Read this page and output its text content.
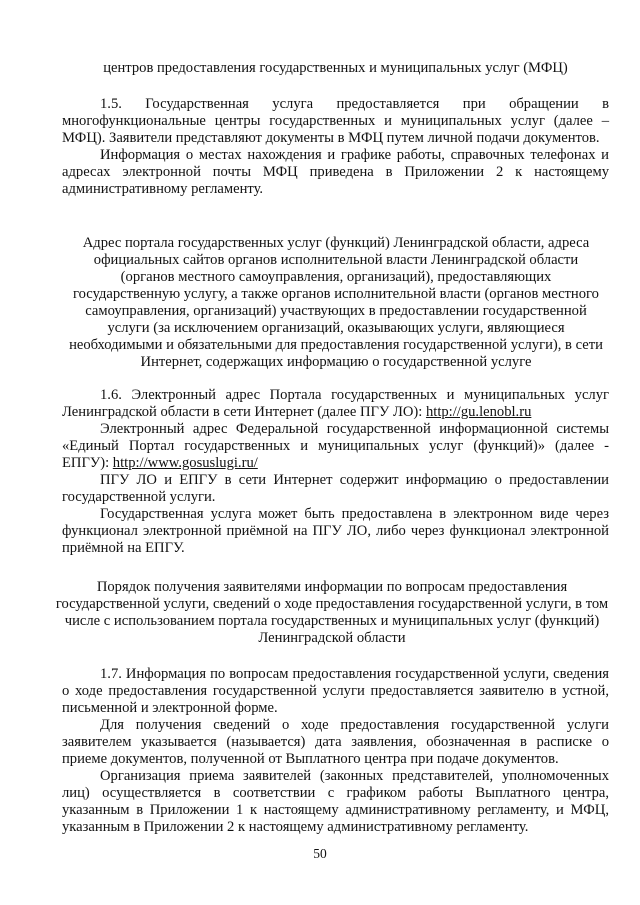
центров предоставления государственных и муниципальных услуг (МФЦ)

1.5. Государственная услуга предоставляется при обращении в многофункциональные центры государственных и муниципальных услуг (далее – МФЦ). Заявители представляют документы в МФЦ путем личной подачи документов.

Информация о местах нахождения и графике работы, справочных телефонах и адресах электронной почты МФЦ приведена в Приложении 2 к настоящему административному регламенту.

Адрес портала государственных услуг (функций) Ленинградской области, адреса официальных сайтов органов исполнительной власти Ленинградской области (органов местного самоуправления, организаций), предоставляющих государственную услугу, а также органов исполнительной власти (органов местного самоуправления, организаций) участвующих в предоставлении государственной услуги (за исключением организаций, оказывающих услуги, являющиеся необходимыми и обязательными для предоставления государственной услуги), в сети Интернет, содержащих информацию о государственной услуге

1.6. Электронный адрес Портала государственных и муниципальных услуг Ленинградской области в сети Интернет (далее ПГУ ЛО): http://gu.lenobl.ru

Электронный адрес Федеральной государственной информационной системы «Единый Портал государственных и муниципальных услуг (функций)» (далее - ЕПГУ): http://www.gosuslugi.ru/

ПГУ ЛО и ЕПГУ в сети Интернет содержит информацию о предоставлении государственной услуги.

Государственная услуга может быть предоставлена в электронном виде через функционал электронной приёмной на ПГУ ЛО, либо через функционал электронной приёмной на ЕПГУ.

Порядок получения заявителями информации по вопросам предоставления государственной услуги, сведений о ходе предоставления государственной услуги, в том числе с использованием портала государственных и муниципальных услуг (функций) Ленинградской области

1.7. Информация по вопросам предоставления государственной услуги, сведения о ходе предоставления государственной услуги предоставляется заявителю в устной, письменной и электронной форме.

Для получения сведений о ходе предоставления государственной услуги заявителем указывается (называется) дата заявления, обозначенная в расписке о приеме документов, полученной от Выплатного центра при подаче документов.

Организация приема заявителей (законных представителей, уполномоченных лиц) осуществляется в соответствии с графиком работы Выплатного центра, указанным в Приложении 1 к настоящему административному регламенту, и МФЦ, указанным в Приложении 2 к настоящему административному регламенту.

50
